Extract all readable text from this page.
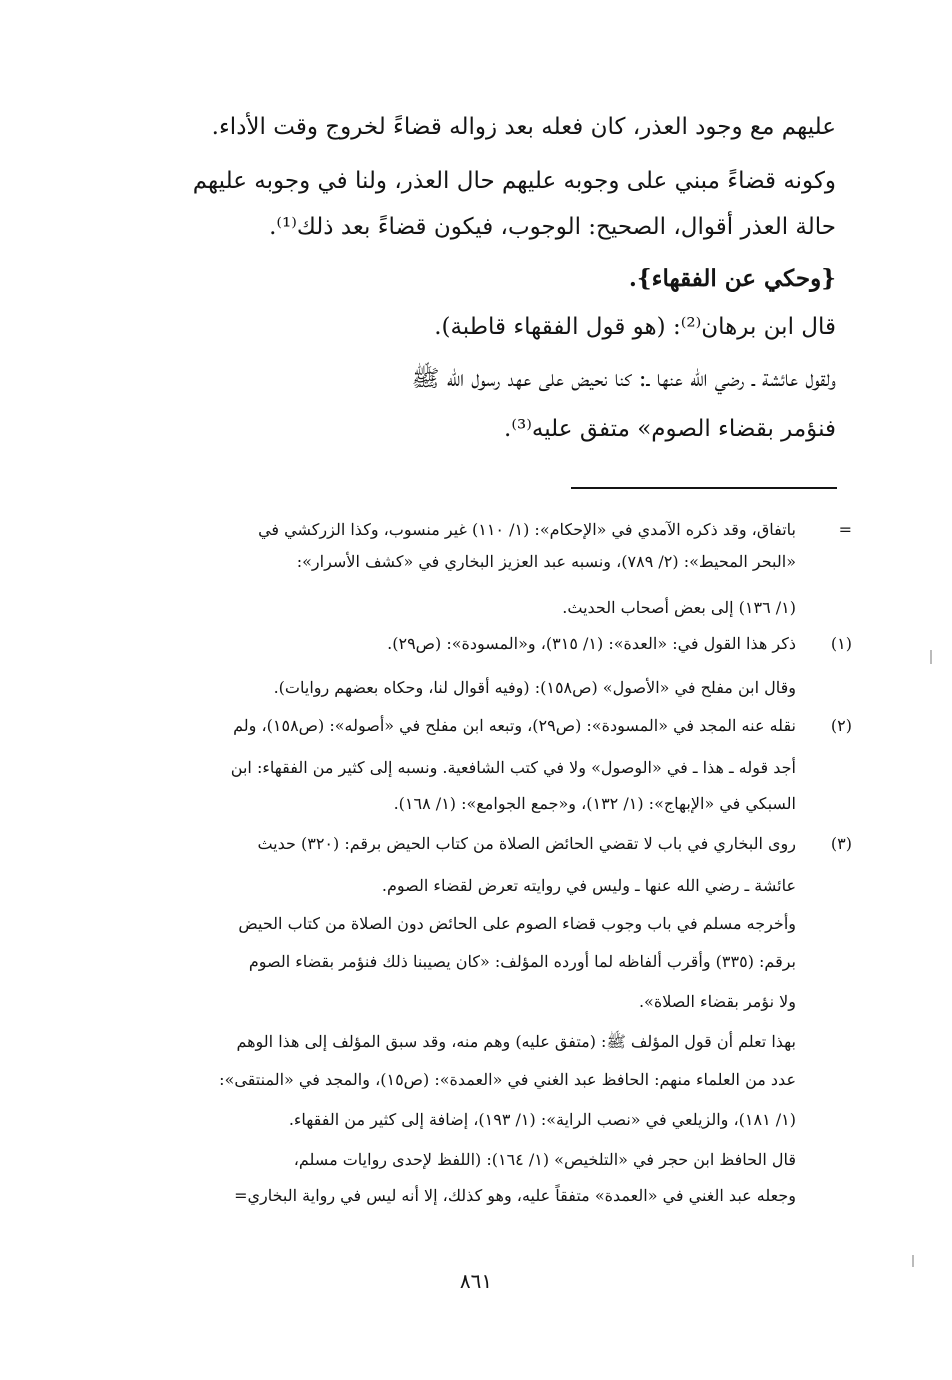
عليهم مع وجود العذر، كان فعله بعد زواله قضاءً لخروج وقت الأداء.
وكونه قضاءً مبني على وجوبه عليهم حال العذر، ولنا في وجوبه عليهم
حالة العذر أقوال، الصحيح: الوجوب، فيكون قضاءً بعد ذلك⁽¹⁾.
{وحكي عن الفقهاء}.
قال ابن برهان⁽²⁾: (هو قول الفقهاء قاطبة).
ولقول عائشة ـ رضي الله عنها ـ: كنا نحيض على عهد رسول الله ﷺ
فنؤمر بقضاء الصوم» متفق عليه⁽³⁾.
=
باتفاق، وقد ذكره الآمدي في «الإحكام»: (١/ ١١٠) غير منسوب، وكذا الزركشي في
«البحر المحيط»: (٢/ ٧٨٩)، ونسبه عبد العزيز البخاري في «كشف الأسرار»:
(١/ ١٣٦) إلى بعض أصحاب الحديث.
(١)
ذكر هذا القول في: «العدة»: (١/ ٣١٥)، و«المسودة»: (ص٢٩).
وقال ابن مفلح في «الأصول» (ص١٥٨): (وفيه أقوال لنا، وحكاه بعضهم روايات).
(٢)
نقله عنه المجد في «المسودة»: (ص٢٩)، وتبعه ابن مفلح في «أصوله»: (ص١٥٨)، ولم
أجد قوله ـ هذا ـ في «الوصول» ولا في كتب الشافعية. ونسبه إلى كثير من الفقهاء: ابن
السبكي في «الإبهاج»: (١/ ١٣٢)، و«جمع الجوامع»: (١/ ١٦٨).
(٣)
روى البخاري في باب لا تقضي الحائض الصلاة من كتاب الحيض برقم: (٣٢٠) حديث
عائشة ـ رضي الله عنها ـ وليس في روايته تعرض لقضاء الصوم.
وأخرجه مسلم في باب وجوب قضاء الصوم على الحائض دون الصلاة من كتاب الحيض
برقم: (٣٣٥) وأقرب ألفاظه لما أورده المؤلف: «كان يصيبنا ذلك فنؤمر بقضاء الصوم
ولا نؤمر بقضاء الصلاة».
بهذا تعلم أن قول المؤلف ﷺ: (متفق عليه) وهم منه، وقد سبق المؤلف إلى هذا الوهم
عدد من العلماء منهم: الحافظ عبد الغني في «العمدة»: (ص١٥)، والمجد في «المنتقى»:
(١/ ١٨١)، والزيلعي في «نصب الراية»: (١/ ١٩٣)، إضافة إلى كثير من الفقهاء.
قال الحافظ ابن حجر في «التلخيص» (١/ ١٦٤): (اللفظ لإحدى روايات مسلم،
وجعله عبد الغني في «العمدة» متفقاً عليه، وهو كذلك، إلا أنه ليس في رواية البخاري=
٨٦١
